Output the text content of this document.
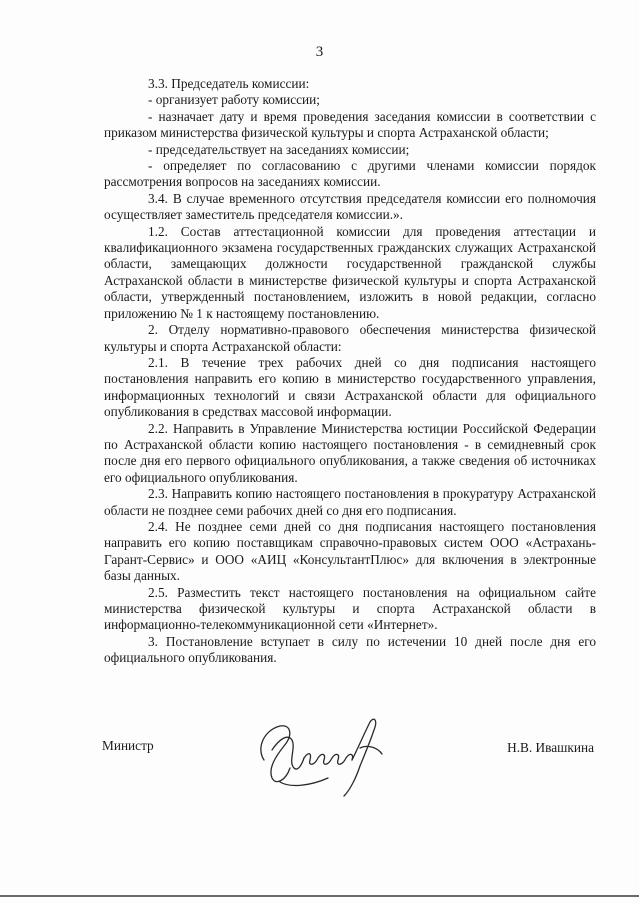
3

3.3. Председатель комиссии:

- организует работу комиссии;

- назначает дату и время проведения заседания комиссии в соответствии с приказом министерства физической культуры и спорта Астраханской области;

- председательствует на заседаниях комиссии;

- определяет по согласованию с другими членами комиссии порядок рассмотрения вопросов на заседаниях комиссии.

3.4. В случае временного отсутствия председателя комиссии его полномочия осуществляет заместитель председателя комиссии.».

1.2. Состав аттестационной комиссии для проведения аттестации и квалификационного экзамена государственных гражданских служащих Астраханской области, замещающих должности государственной гражданской службы Астраханской области в министерстве физической культуры и спорта Астраханской области, утвержденный постановлением, изложить в новой редакции, согласно приложению № 1 к настоящему постановлению.

2. Отделу нормативно-правового обеспечения министерства физической культуры и спорта Астраханской области:

2.1. В течение трех рабочих дней со дня подписания настоящего постановления направить его копию в министерство государственного управления, информационных технологий и связи Астраханской области для официального опубликования в средствах массовой информации.

2.2. Направить в Управление Министерства юстиции Российской Федерации по Астраханской области копию настоящего постановления - в семидневный срок после дня его первого официального опубликования, а также сведения об источниках его официального опубликования.

2.3. Направить копию настоящего постановления в прокуратуру Астраханской области не позднее семи рабочих дней со дня его подписания.

2.4. Не позднее семи дней со дня подписания настоящего постановления направить его копию поставщикам справочно-правовых систем ООО «Астрахань-Гарант-Сервис» и ООО «АИЦ «КонсультантПлюс» для включения в электронные базы данных.

2.5. Разместить текст настоящего постановления на официальном сайте министерства физической культуры и спорта Астраханской области в информационно-телекоммуникационной сети «Интернет».

3. Постановление вступает в силу по истечении 10 дней после дня его официального опубликования.

Министр	Н.В. Ивашкина
